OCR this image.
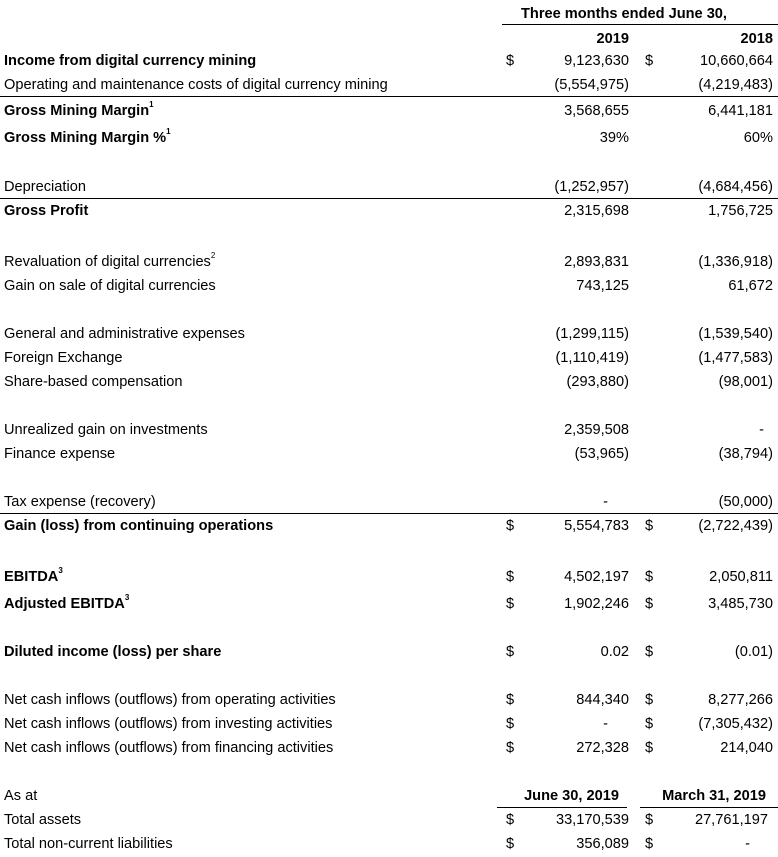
Three months ended June 30,
2019	2018
Income from digital currency mining	$	9,123,630 $	10,660,664
Operating and maintenance costs of digital currency mining	(5,554,975)	(4,219,483)
Gross Mining Margin$^1$	3,568,655	6,441,181
Gross Mining Margin %$^1$	39%	60%
Depreciation	(1,252,957)	(4,684,456)
Gross Profit	2,315,698	1,756,725
Revaluation of digital currencies$^2$	2,893,831	(1,336,918)
Gain on sale of digital currencies	743,125	61,672
General and administrative expenses	(1,299,115)	(1,539,540)
Foreign Exchange	(1,110,419)	(1,477,583)
Share-based compensation	(293,880)	(98,001)
Unrealized gain on investments	2,359,508	-
Finance expense	(53,965)	(38,794)
Tax expense (recovery)	-	(50,000)
Gain (loss) from continuing operations	$	5,554,783 $	(2,722,439)
EBITDA$^3$	$	4,502,197 $	2,050,811
Adjusted EBITDA$^3$	$	1,902,246 $	3,485,730
Diluted income (loss) per share	$	0.02 $	(0.01)
Net cash inflows (outflows) from operating activities	$	844,340 $	8,277,266
Net cash inflows (outflows) from investing activities	$	-	$	(7,305,432)
Net cash inflows (outflows) from financing activities	$	272,328 $	214,040
As at	June 30, 2019	March 31, 2019
Total assets	$	33,170,539 $	27,761,197
Total non-current liabilities	$	356,089 $	-
